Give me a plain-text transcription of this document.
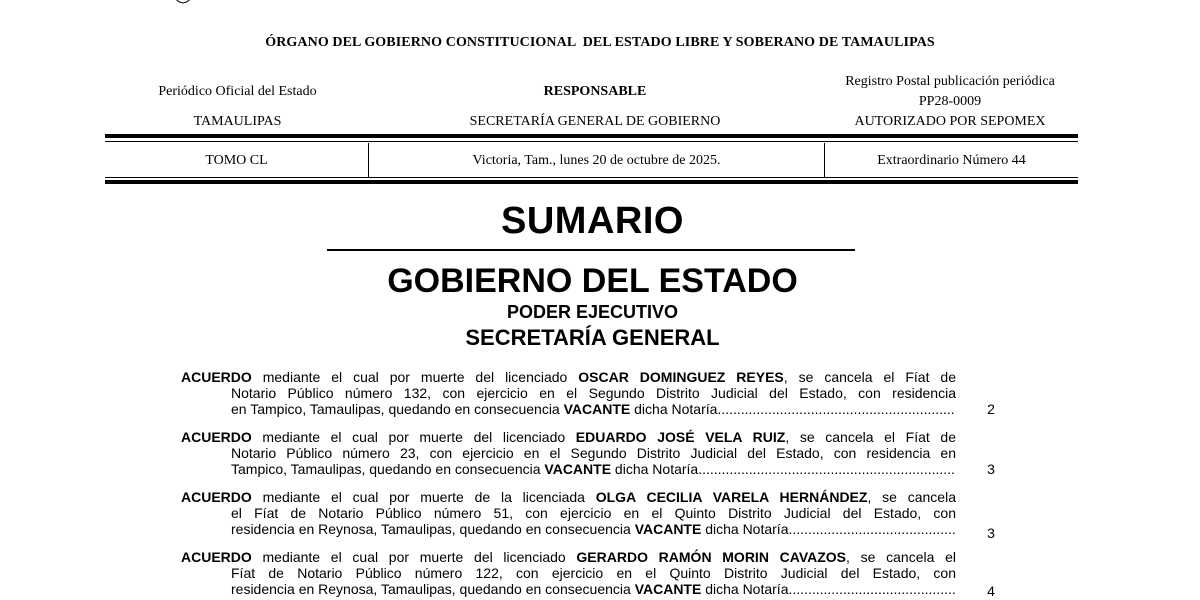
ÓRGANO DEL GOBIERNO CONSTITUCIONAL  DEL ESTADO LIBRE Y SOBERANO DE TAMAULIPAS
Periódico Oficial del Estado
TAMAULIPAS
RESPONSABLE
SECRETARÍA GENERAL DE GOBIERNO
Registro Postal publicación periódica
PP28-0009
AUTORIZADO POR SEPOMEX
TOMO CL	Victoria, Tam., lunes 20 de octubre de 2025.	Extraordinario Número 44
SUMARIO
GOBIERNO DEL ESTADO
PODER EJECUTIVO
SECRETARÍA GENERAL
ACUERDO mediante el cual por muerte del licenciado OSCAR DOMINGUEZ REYES, se cancela el Fíat de
Notario Público número 132, con ejercicio en el Segundo Distrito Judicial del Estado, con residencia
en Tampico, Tamaulipas, quedando en consecuencia VACANTE dicha Notaría .....	2
ACUERDO mediante el cual por muerte del licenciado EDUARDO JOSÉ VELA RUIZ, se cancela el Fíat de
Notario Público número 23, con ejercicio en el Segundo Distrito Judicial del Estado, con residencia en
Tampico, Tamaulipas, quedando en consecuencia VACANTE dicha Notaría .....	3
ACUERDO mediante el cual por muerte de la licenciada OLGA CECILIA VARELA HERNÁNDEZ, se cancela
el Fíat de Notario Público número 51, con ejercicio en el Quinto Distrito Judicial del Estado, con
residencia en Reynosa, Tamaulipas, quedando en consecuencia VACANTE dicha Notaría .....	3
ACUERDO mediante el cual por muerte del licenciado GERARDO RAMÓN MORIN CAVAZOS, se cancela el
Fíat de Notario Público número 122, con ejercicio en el Quinto Distrito Judicial del Estado, con
residencia en Reynosa, Tamaulipas, quedando en consecuencia VACANTE dicha Notaría .....	4
